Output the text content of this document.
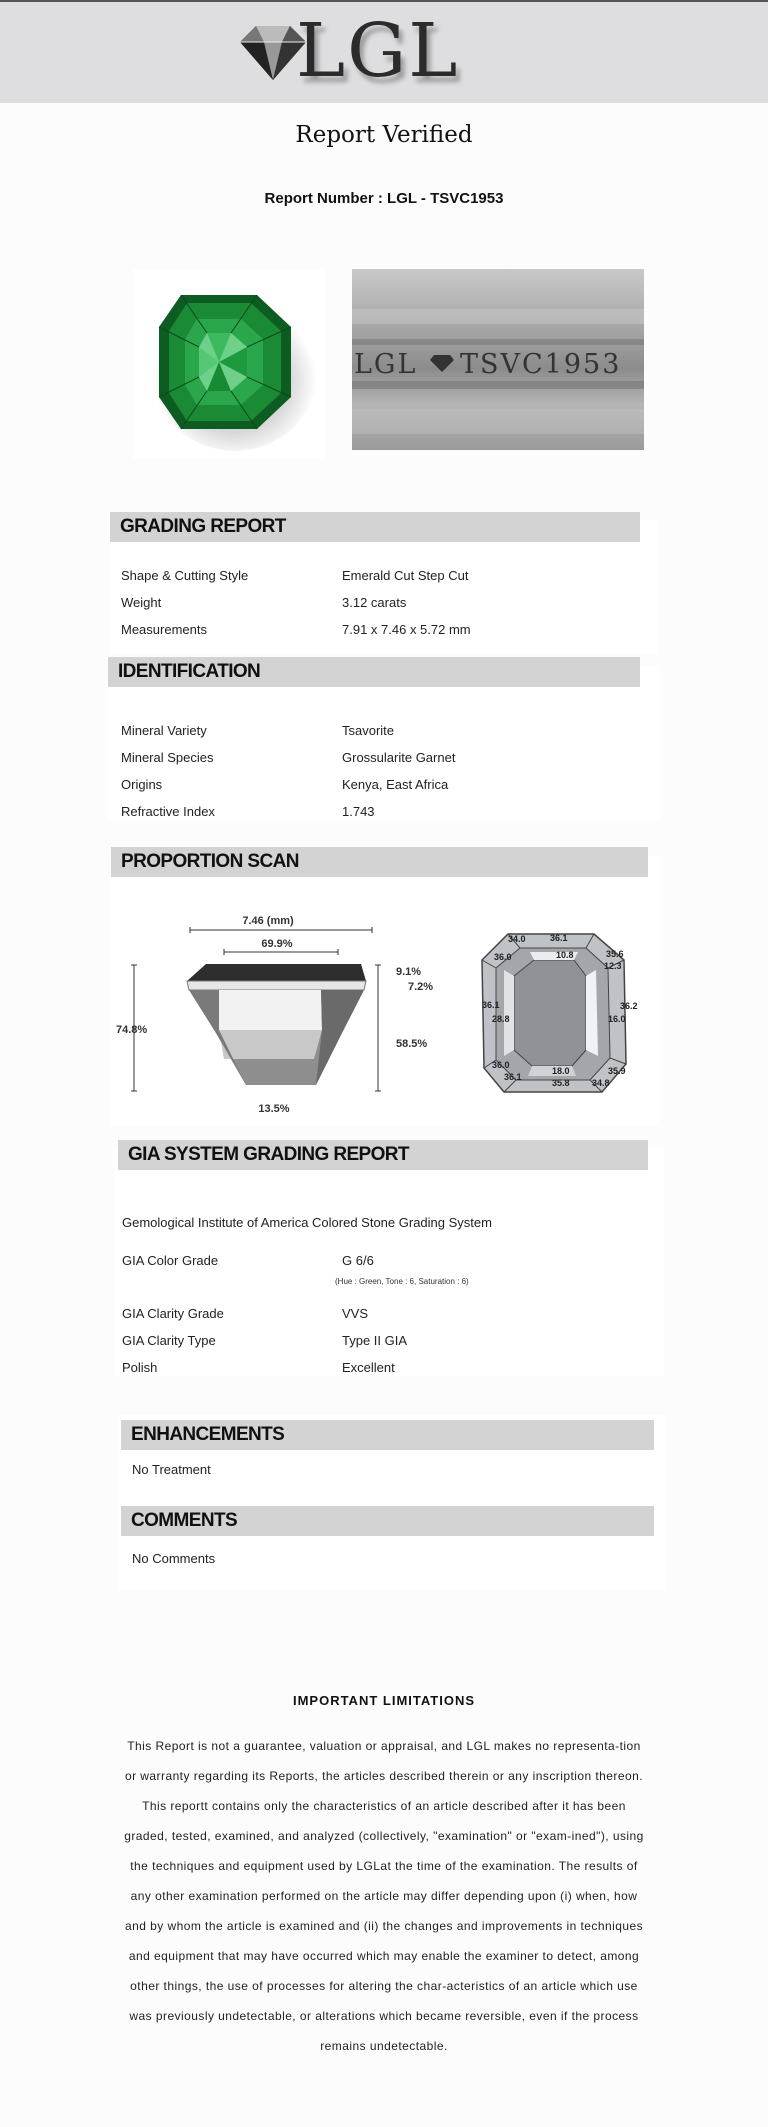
LGL
Report Verified
Report Number : LGL - TSVC1953
LGL TSVC1953
GRADING REPORT
Shape & Cutting Style	Emerald Cut Step Cut
Weight	3.12 carats
Measurements	7.91 x 7.46 x 5.72 mm
IDENTIFICATION
Mineral Variety	Tsavorite
Mineral Species	Grossularite Garnet
Origins	Kenya, East Africa
Refractive Index	1.743
PROPORTION SCAN
7.46 (mm)
69.9%
74.8%
9.1%
7.2%
58.5%
13.5%
34.0	36.1
35.6
36.0	10.8
12.3
36.1
28.8	16.0
36.2
18.0
36.0
35.9
36.1
35.8 34.8
GIA SYSTEM GRADING REPORT
Gemological Institute of America Colored Stone Grading System
GIA Color Grade	G 6/6
(Hue : Green, Tone : 6, Saturation : 6)
GIA Clarity Grade	VVS
GIA Clarity Type	Type II GIA
Polish	Excellent
ENHANCEMENTS
No Treatment
COMMENTS
No Comments
IMPORTANT LIMITATIONS
This Report is not a guarantee, valuation or appraisal, and LGL makes no representa-tion or warranty regarding its Reports, the articles described therein or any inscription thereon. This reportt contains only the characteristics of an article described after it has been graded, tested, examined, and analyzed (collectively, "examination" or "exam-ined"), using the techniques and equipment used by LGLat the time of the examination. The results of any other examination performed on the article may differ depending upon (i) when, how and by whom the article is examined and (ii) the changes and improvements in techniques and equipment that may have occurred which may enable the examiner to detect, among other things, the use of processes for altering the char-acteristics of an article which use was previously undetectable, or alterations which became reversible, even if the process remains undetectable.
